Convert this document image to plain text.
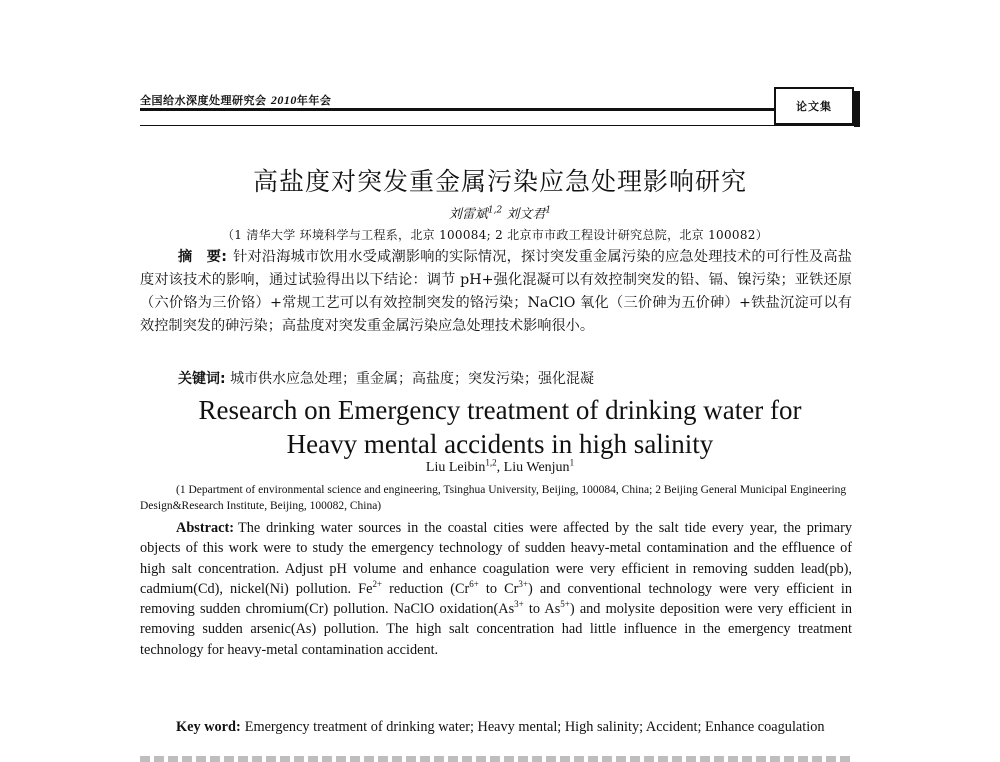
全国给水深度处理研究会 2010年年会	论文集
高盐度对突发重金属污染应急处理影响研究
刘雷斌$^{1,2}$ 刘文君$^1$
（1 清华大学 环境科学与工程系，北京 100084; 2 北京市市政工程设计研究总院，北京 100082）
摘　要: 针对沿海城市饮用水受咸潮影响的实际情况，探讨突发重金属污染的应急处理技术的可行性及高盐度对该技术的影响，通过试验得出以下结论：调节 pH+强化混凝可以有效控制突发的铅、镉、镍污染；亚铁还原（六价铬为三价铬）+常规工艺可以有效控制突发的铬污染；NaClO 氧化（三价砷为五价砷）+铁盐沉淀可以有效控制突发的砷污染；高盐度对突发重金属污染应急处理技术影响很小。
关键词: 城市供水应急处理；重金属；高盐度；突发污染；强化混凝
Research on Emergency treatment of drinking water for
Heavy mental accidents in high salinity
Liu Leibin$^{1,2}$, Liu Wenjun$^1$
(1 Department of environmental science and engineering, Tsinghua University, Beijing, 100084, China; 2 Beijing General Municipal Engineering Design&Research Institute, Beijing, 100082, China)
Abstract: The drinking water sources in the coastal cities were affected by the salt tide every year, the primary objects of this work were to study the emergency technology of sudden heavy-metal contamination and the effluence of high salt concentration. Adjust pH volume and enhance coagulation were very efficient in removing sudden lead(pb), cadmium(Cd), nickel(Ni) pollution. $Fe^{2+}$ reduction ($Cr^{6+}$ to $Cr^{3+}$) and conventional technology were very efficient in removing sudden chromium(Cr) pollution. NaClO $oxidation(As^{3+}$ to $As^{5+}$) and molysite deposition were very efficient in removing sudden arsenic(As) pollution. The high salt concentration had little influence in the emergency treatment technology for heavy-metal contamination accident.
Key word: Emergency treatment of drinking water; Heavy mental; High salinity; Accident; Enhance coagulation
